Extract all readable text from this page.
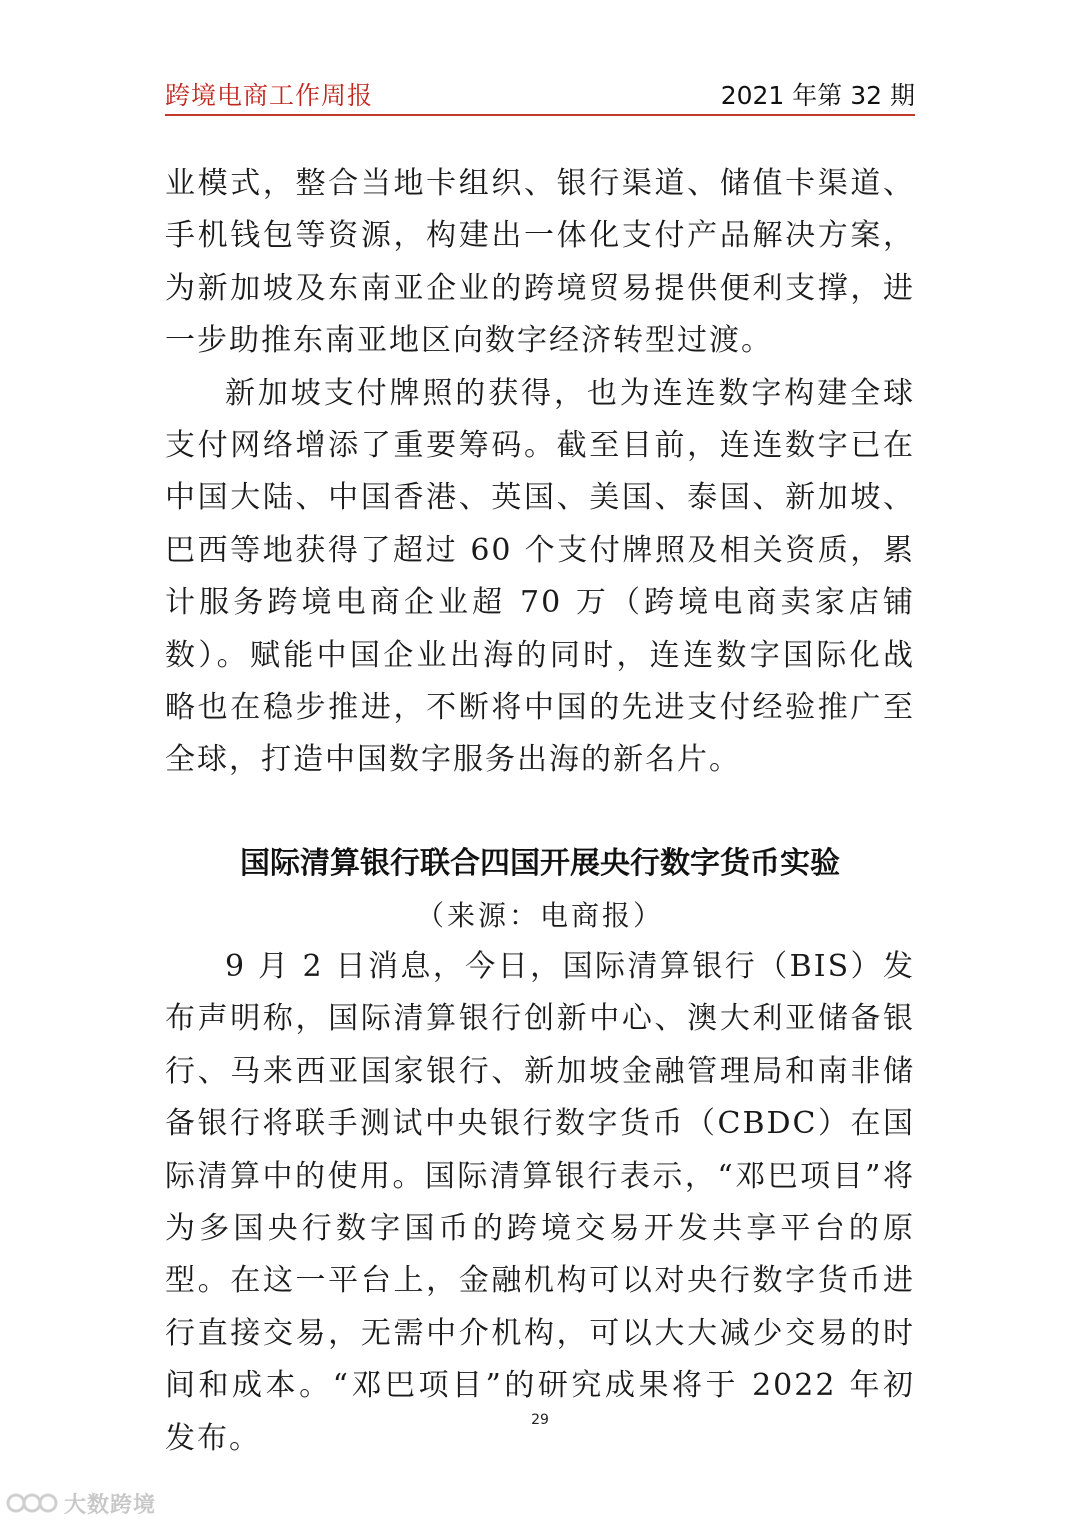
跨境电商工作周报	2021 年第 32 期

业模式，整合当地卡组织、银行渠道、储值卡渠道、手机钱包等资源，构建出一体化支付产品解决方案，为新加坡及东南亚企业的跨境贸易提供便利支撑，进一步助推东南亚地区向数字经济转型过渡。

新加坡支付牌照的获得，也为连连数字构建全球支付网络增添了重要筹码。截至目前，连连数字已在中国大陆、中国香港、英国、美国、泰国、新加坡、巴西等地获得了超过 60 个支付牌照及相关资质，累计服务跨境电商企业超 70 万（跨境电商卖家店铺数）。赋能中国企业出海的同时，连连数字国际化战略也在稳步推进，不断将中国的先进支付经验推广至全球，打造中国数字服务出海的新名片。

国际清算银行联合四国开展央行数字货币实验
（来源：电商报）

9 月 2 日消息，今日，国际清算银行（BIS）发布声明称，国际清算银行创新中心、澳大利亚储备银行、马来西亚国家银行、新加坡金融管理局和南非储备银行将联手测试中央银行数字货币（CBDC）在国际清算中的使用。国际清算银行表示，“邓巴项目”将为多国央行数字国币的跨境交易开发共享平台的原型。在这一平台上，金融机构可以对央行数字货币进行直接交易，无需中介机构，可以大大减少交易的时间和成本。“邓巴项目”的研究成果将于 2022 年初发布。

29
大数跨境
